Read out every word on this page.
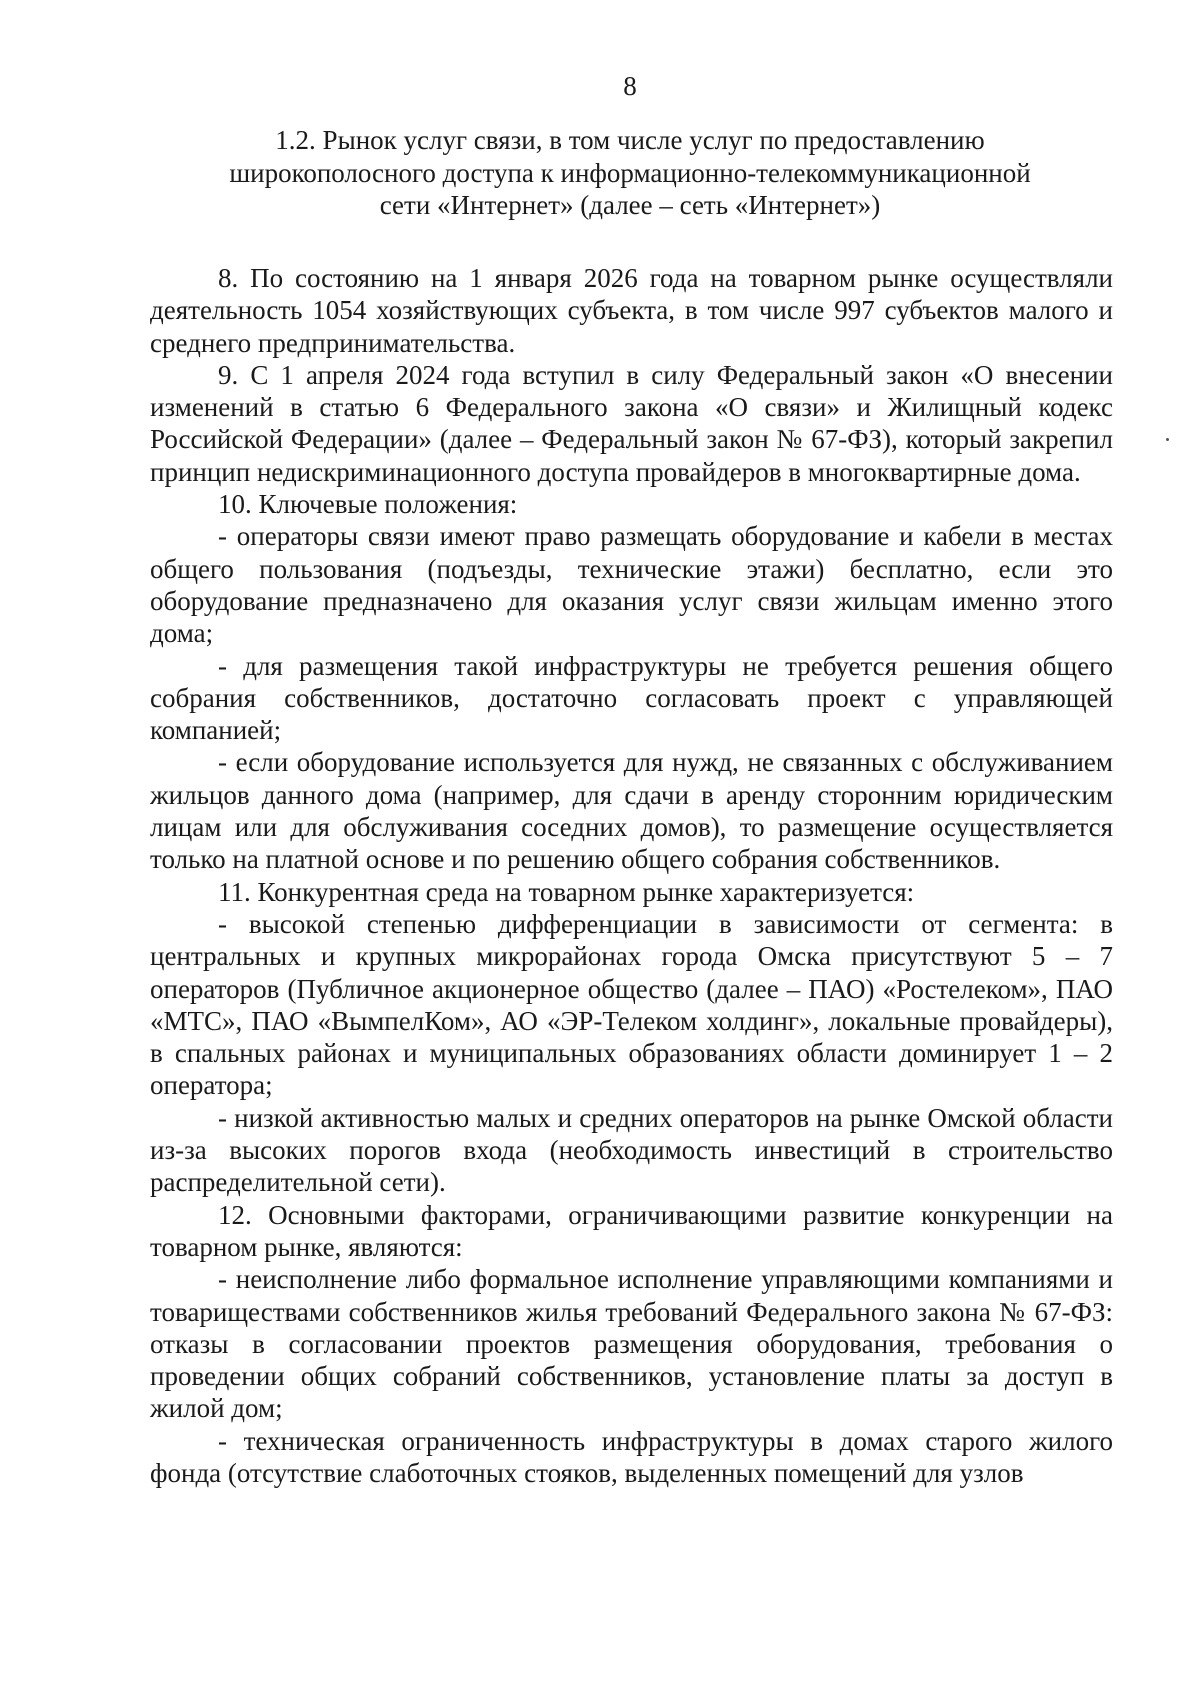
8
1.2. Рынок услуг связи, в том числе услуг по предоставлению
широкополосного доступа к информационно-телекоммуникационной
сети «Интернет» (далее – сеть «Интернет»)

8. По состоянию на 1 января 2026 года на товарном рынке осуществляли деятельность 1054 хозяйствующих субъекта, в том числе 997 субъектов малого и среднего предпринимательства.

9. С 1 апреля 2024 года вступил в силу Федеральный закон «О внесении изменений в статью 6 Федерального закона «О связи» и Жилищный кодекс Российской Федерации» (далее – Федеральный закон № 67-ФЗ), который закрепил принцип недискриминационного доступа провайдеров в многоквартирные дома.

10. Ключевые положения:

- операторы связи имеют право размещать оборудование и кабели в местах общего пользования (подъезды, технические этажи) бесплатно, если это оборудование предназначено для оказания услуг связи жильцам именно этого дома;

- для размещения такой инфраструктуры не требуется решения общего собрания собственников, достаточно согласовать проект с управляющей компанией;

- если оборудование используется для нужд, не связанных с обслуживанием жильцов данного дома (например, для сдачи в аренду сторонним юридическим лицам или для обслуживания соседних домов), то размещение осуществляется только на платной основе и по решению общего собрания собственников.

11. Конкурентная среда на товарном рынке характеризуется:

- высокой степенью дифференциации в зависимости от сегмента: в центральных и крупных микрорайонах города Омска присутствуют 5 – 7 операторов (Публичное акционерное общество (далее – ПАО) «Ростелеком», ПАО «МТС», ПАО «ВымпелКом», АО «ЭР-Телеком холдинг», локальные провайдеры), в спальных районах и муниципальных образованиях области доминирует 1 – 2 оператора;

- низкой активностью малых и средних операторов на рынке Омской области из-за высоких порогов входа (необходимость инвестиций в строительство распределительной сети).

12. Основными факторами, ограничивающими развитие конкуренции на товарном рынке, являются:

- неисполнение либо формальное исполнение управляющими компаниями и товариществами собственников жилья требований Федерального закона № 67-ФЗ: отказы в согласовании проектов размещения оборудования, требования о проведении общих собраний собственников, установление платы за доступ в жилой дом;

- техническая ограниченность инфраструктуры в домах старого жилого фонда (отсутствие слаботочных стояков, выделенных помещений для узлов
